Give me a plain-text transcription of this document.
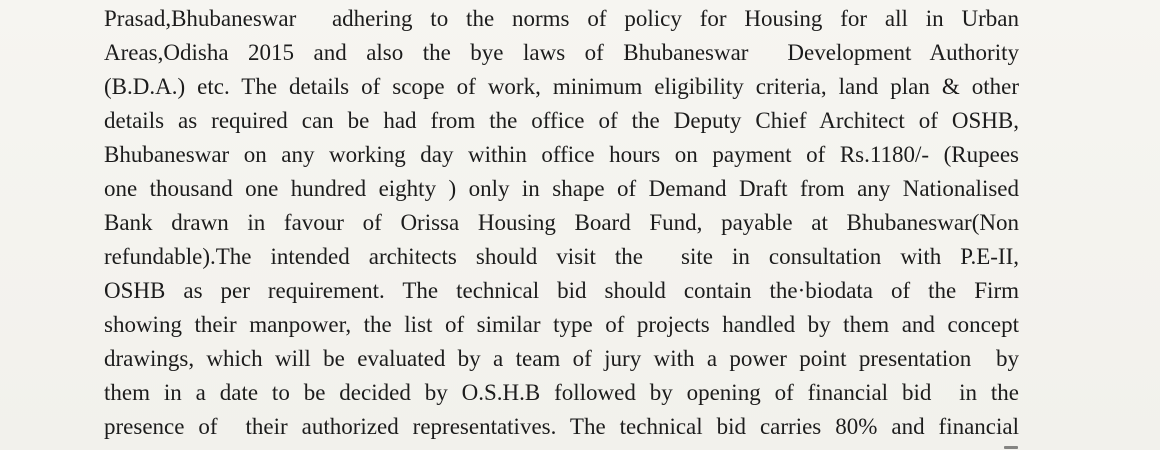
Prasad,Bhubaneswar  adhering to the norms of policy for Housing for all in Urban
Areas,Odisha 2015 and also the bye laws of Bhubaneswar  Development Authority
(B.D.A.) etc. The details of scope of work, minimum eligibility criteria, land plan & other
details as required can be had from the office of the Deputy Chief Architect of OSHB,
Bhubaneswar on any working day within office hours on payment of Rs.1180/- (Rupees
one thousand one hundred eighty ) only in shape of Demand Draft from any Nationalised
Bank drawn in favour of Orissa Housing Board Fund, payable at Bhubaneswar(Non
refundable).The intended architects should visit the  site in consultation with P.E-II,
OSHB as per requirement. The technical bid should contain the·biodata of the Firm
showing their manpower, the list of similar type of projects handled by them and concept
drawings, which will be evaluated by a team of jury with a power point presentation  by
them in a date to be decided by O.S.H.B followed by opening of financial bid  in the
presence of  their authorized representatives. The technical bid carries 80% and financial
